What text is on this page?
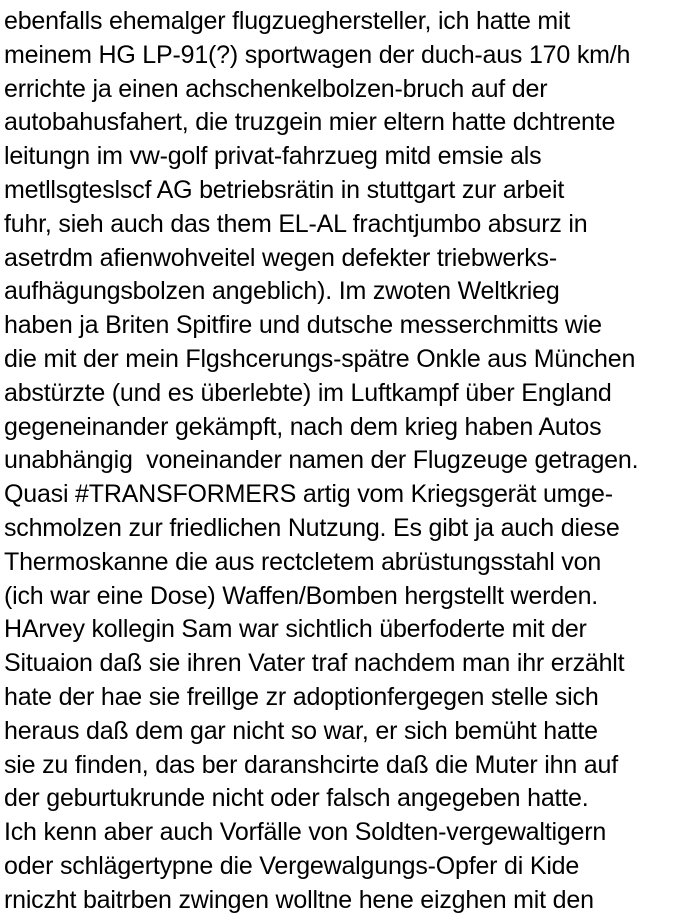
ebenfalls ehemalger flugzueghersteller, ich hatte mit
meinem HG LP-91(?) sportwagen der duch-aus 170 km/h
errichte ja einen achschenkelbolzen-bruch auf der
autobahusfahert, die truzgein mier eltern hatte dchtrente
leitungn im vw-golf privat-fahrzueg mitd emsie als
metllsgteslscf AG betriebsrätin in stuttgart zur arbeit
fuhr, sieh auch das them EL-AL frachtjumbo absurz in
asetrdm afienwohveitel wegen defekter triebwerks-
aufhägungsbolzen angeblich). Im zwoten Weltkrieg
haben ja Briten Spitfire und dutsche messerchmitts wie
die mit der mein Flgshcerungs-spätre Onkle aus München
abstürzte (und es überlebte) im Luftkampf über England
gegeneinander gekämpft, nach dem krieg haben Autos
unabhängig  voneinander namen der Flugzeuge getragen.
Quasi #TRANSFORMERS artig vom Kriegsgerät umge-
schmolzen zur friedlichen Nutzung. Es gibt ja auch diese
Thermoskanne die aus rectcletem abrüstungsstahl von
(ich war eine Dose) Waffen/Bomben hergstellt werden.
HArvey kollegin Sam war sichtlich überfoderte mit der
Situaion daß sie ihren Vater traf nachdem man ihr erzählt
hate der hae sie freillge zr adoptionfergegen stelle sich
heraus daß dem gar nicht so war, er sich bemüht hatte
sie zu finden, das ber daranshcirte daß die Muter ihn auf
der geburtukrunde nicht oder falsch angegeben hatte.
Ich kenn aber auch Vorfälle von Soldten-vergewaltigern
oder schlägertypne die Vergewalgungs-Opfer di Kide
rniczht baitrben zwingen wolltne hene eizghen mit den
